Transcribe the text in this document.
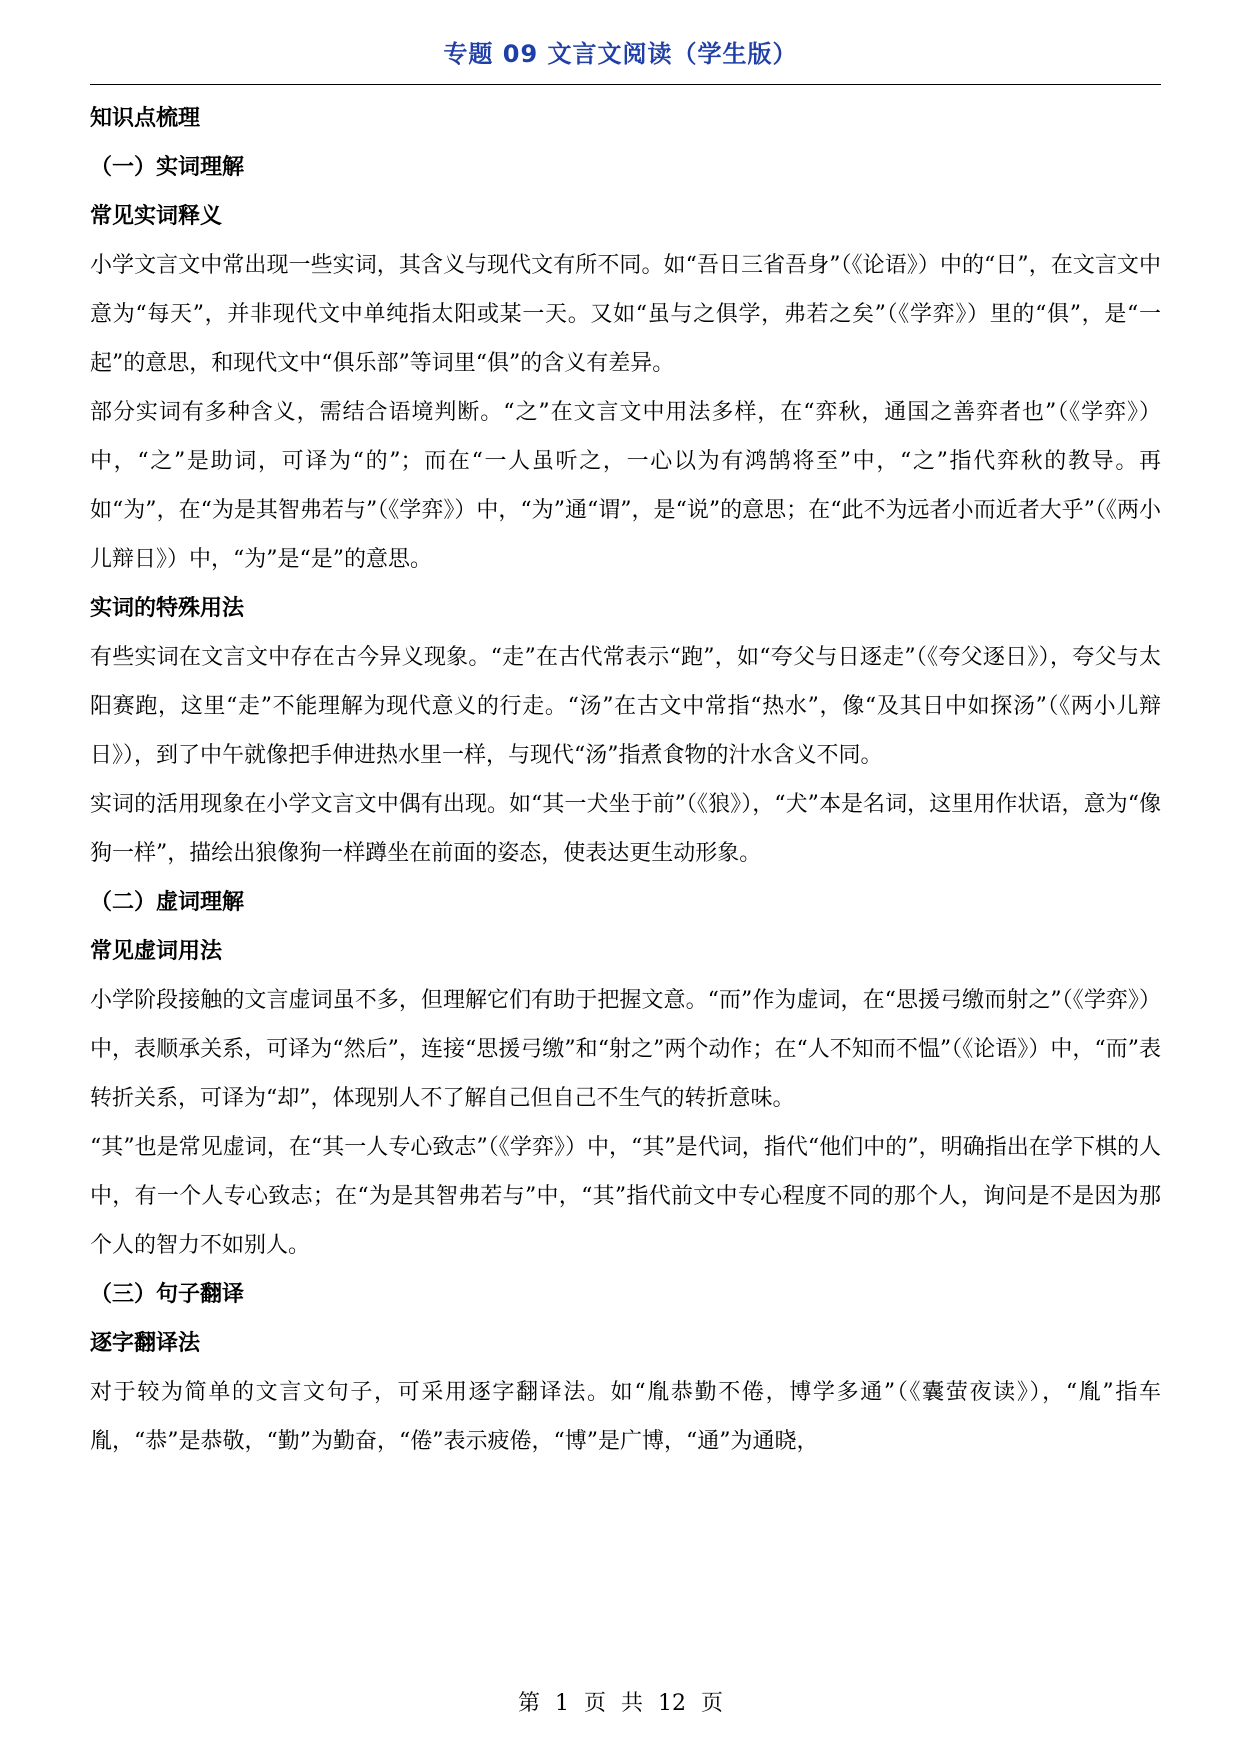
专题 09 文言文阅读（学生版）
知识点梳理
（一）实词理解
常见实词释义
小学文言文中常出现一些实词，其含义与现代文有所不同。如“吾日三省吾身”（《论语》）中的“日”，在文言文中意为“每天”，并非现代文中单纯指太阳或某一天。又如“虽与之俱学，弗若之矣”（《学弈》）里的“俱”，是“一起”的意思，和现代文中“俱乐部”等词里“俱”的含义有差异。
部分实词有多种含义，需结合语境判断。“之”在文言文中用法多样，在“弈秋，通国之善弈者也”（《学弈》）中，“之”是助词，可译为“的”；而在“一人虽听之，一心以为有鸿鹄将至”中，“之”指代弈秋的教导。再如“为”，在“为是其智弗若与”（《学弈》）中，“为”通“谓”，是“说”的意思；在“此不为远者小而近者大乎”（《两小儿辩日》）中，“为”是“是”的意思。
实词的特殊用法
有些实词在文言文中存在古今异义现象。“走”在古代常表示“跑”，如“夸父与日逐走”（《夸父逐日》），夸父与太阳赛跑，这里“走”不能理解为现代意义的行走。“汤”在古文中常指“热水”，像“及其日中如探汤”（《两小儿辩日》），到了中午就像把手伸进热水里一样，与现代“汤”指煮食物的汁水含义不同。
实词的活用现象在小学文言文中偶有出现。如“其一犬坐于前”（《狼》），“犬”本是名词，这里用作状语，意为“像狗一样”，描绘出狼像狗一样蹲坐在前面的姿态，使表达更生动形象。
（二）虚词理解
常见虚词用法
小学阶段接触的文言虚词虽不多，但理解它们有助于把握文意。“而”作为虚词，在“思援弓缴而射之”（《学弈》）中，表顺承关系，可译为“然后”，连接“思援弓缴”和“射之”两个动作；在“人不知而不愠”（《论语》）中，“而”表转折关系，可译为“却”，体现别人不了解自己但自己不生气的转折意味。
“其”也是常见虚词，在“其一人专心致志”（《学弈》）中，“其”是代词，指代“他们中的”，明确指出在学下棋的人中，有一个人专心致志；在“为是其智弗若与”中，“其”指代前文中专心程度不同的那个人，询问是不是因为那个人的智力不如别人。
（三）句子翻译
逐字翻译法
对于较为简单的文言文句子，可采用逐字翻译法。如“胤恭勤不倦，博学多通”（《囊萤夜读》），“胤”指车胤，“恭”是恭敬，“勤”为勤奋，“倦”表示疲倦，“博”是广博，“通”为通晓，
第 1 页 共 12 页
